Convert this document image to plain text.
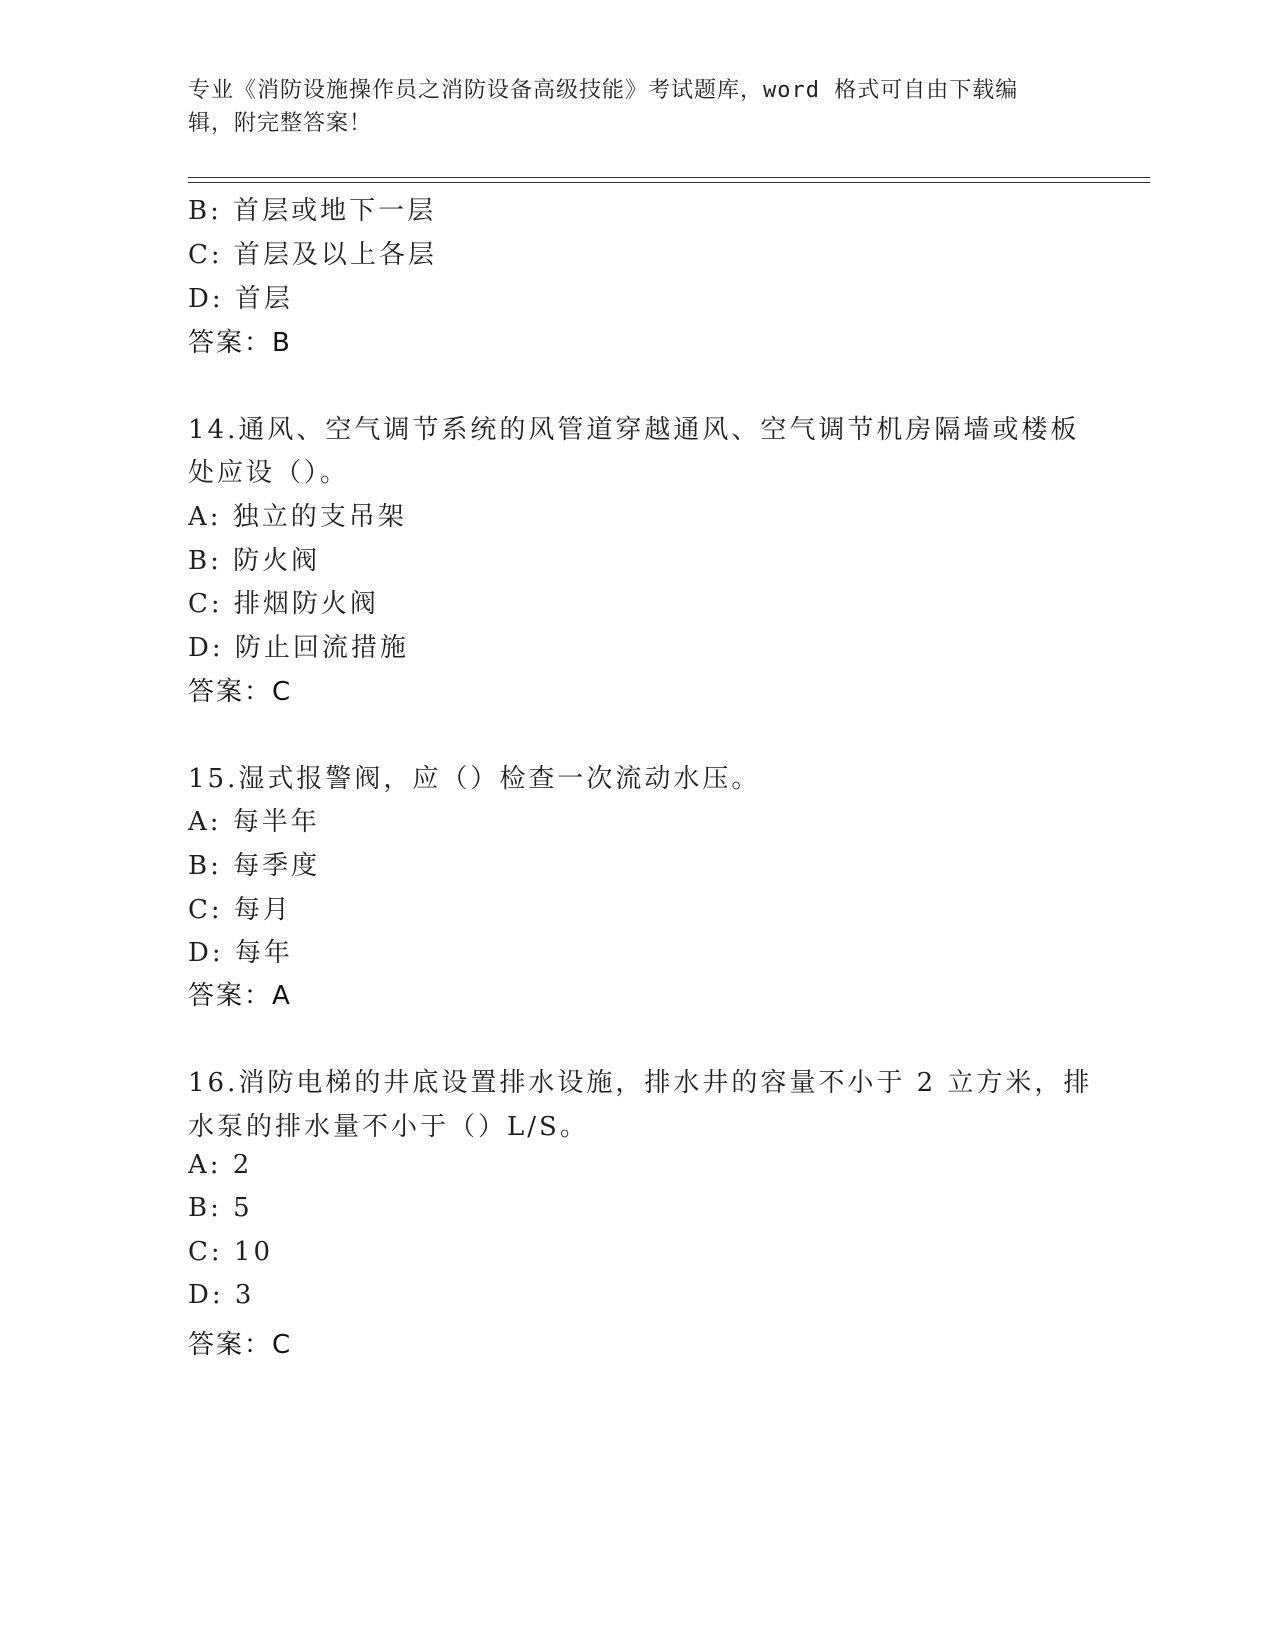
专业《消防设施操作员之消防设备高级技能》考试题库，word 格式可自由下载编
辑，附完整答案！
B: 首层或地下一层
C: 首层及以上各层
D: 首层
答案：B
14.通风、空气调节系统的风管道穿越通风、空气调节机房隔墙或楼板
处应设（）。
A: 独立的支吊架
B: 防火阀
C: 排烟防火阀
D: 防止回流措施
答案：C
15.湿式报警阀，应（）检查一次流动水压。
A: 每半年
B: 每季度
C: 每月
D: 每年
答案：A
16.消防电梯的井底设置排水设施，排水井的容量不小于 2 立方米，排
水泵的排水量不小于（）L/S。
A: 2
B: 5
C: 10
D: 3
答案：C
